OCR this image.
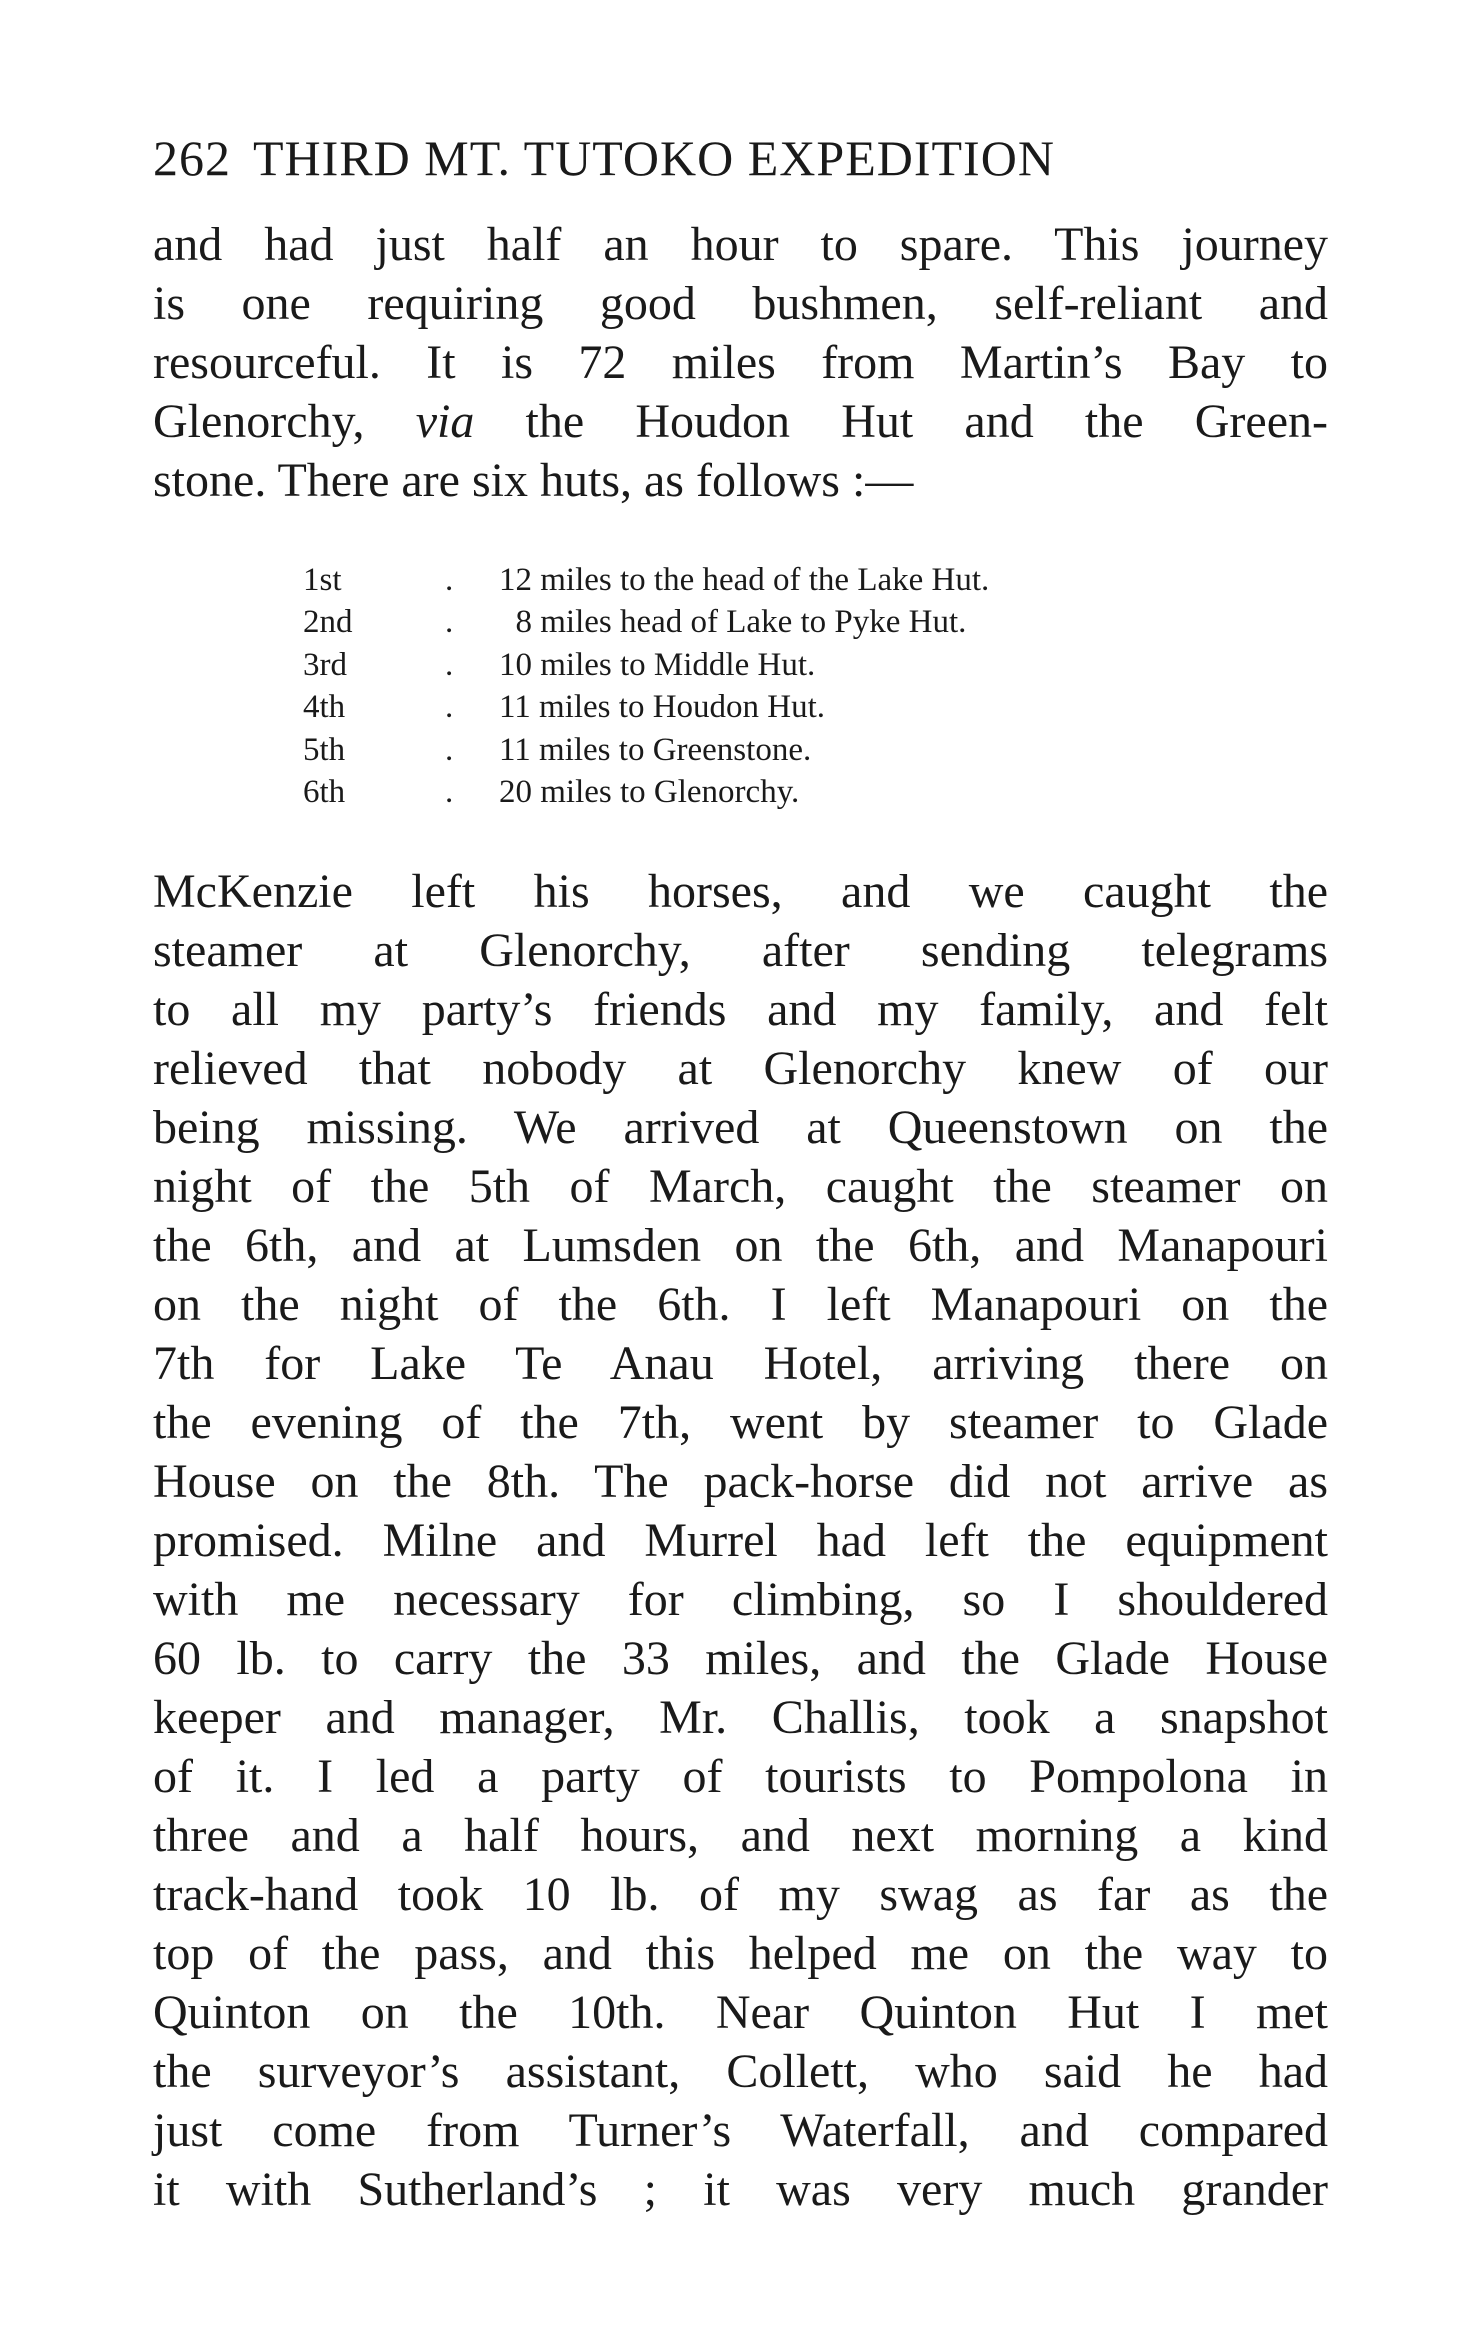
262 THIRD MT. TUTOKO EXPEDITION
and had just half an hour to spare. This journey
is one requiring good bushmen, self-reliant and
resourceful. It is 72 miles from Martin’s Bay to
Glenorchy, via the Houdon Hut and the Green-
stone. There are six huts, as follows :—
1st	. 12 miles to the head of the Lake Hut.
2nd	.  8 miles head of Lake to Pyke Hut.
3rd	. 10 miles to Middle Hut.
4th	. 11 miles to Houdon Hut.
5th	. 11 miles to Greenstone.
6th	. 20 miles to Glenorchy.
McKenzie left his horses, and we caught the
steamer at Glenorchy, after sending telegrams
to all my party’s friends and my family, and felt
relieved that nobody at Glenorchy knew of our
being missing. We arrived at Queenstown on the
night of the 5th of March, caught the steamer on
the 6th, and at Lumsden on the 6th, and Manapouri
on the night of the 6th. I left Manapouri on the
7th for Lake Te Anau Hotel, arriving there on
the evening of the 7th, went by steamer to Glade
House on the 8th. The pack-horse did not arrive as
promised. Milne and Murrel had left the equipment
with me necessary for climbing, so I shouldered
60 lb. to carry the 33 miles, and the Glade House
keeper and manager, Mr. Challis, took a snapshot
of it. I led a party of tourists to Pompolona in
three and a half hours, and next morning a kind
track-hand took 10 lb. of my swag as far as the
top of the pass, and this helped me on the way to
Quinton on the 10th. Near Quinton Hut I met
the surveyor’s assistant, Collett, who said he had
just come from Turner’s Waterfall, and compared
it with Sutherland’s ; it was very much grander
